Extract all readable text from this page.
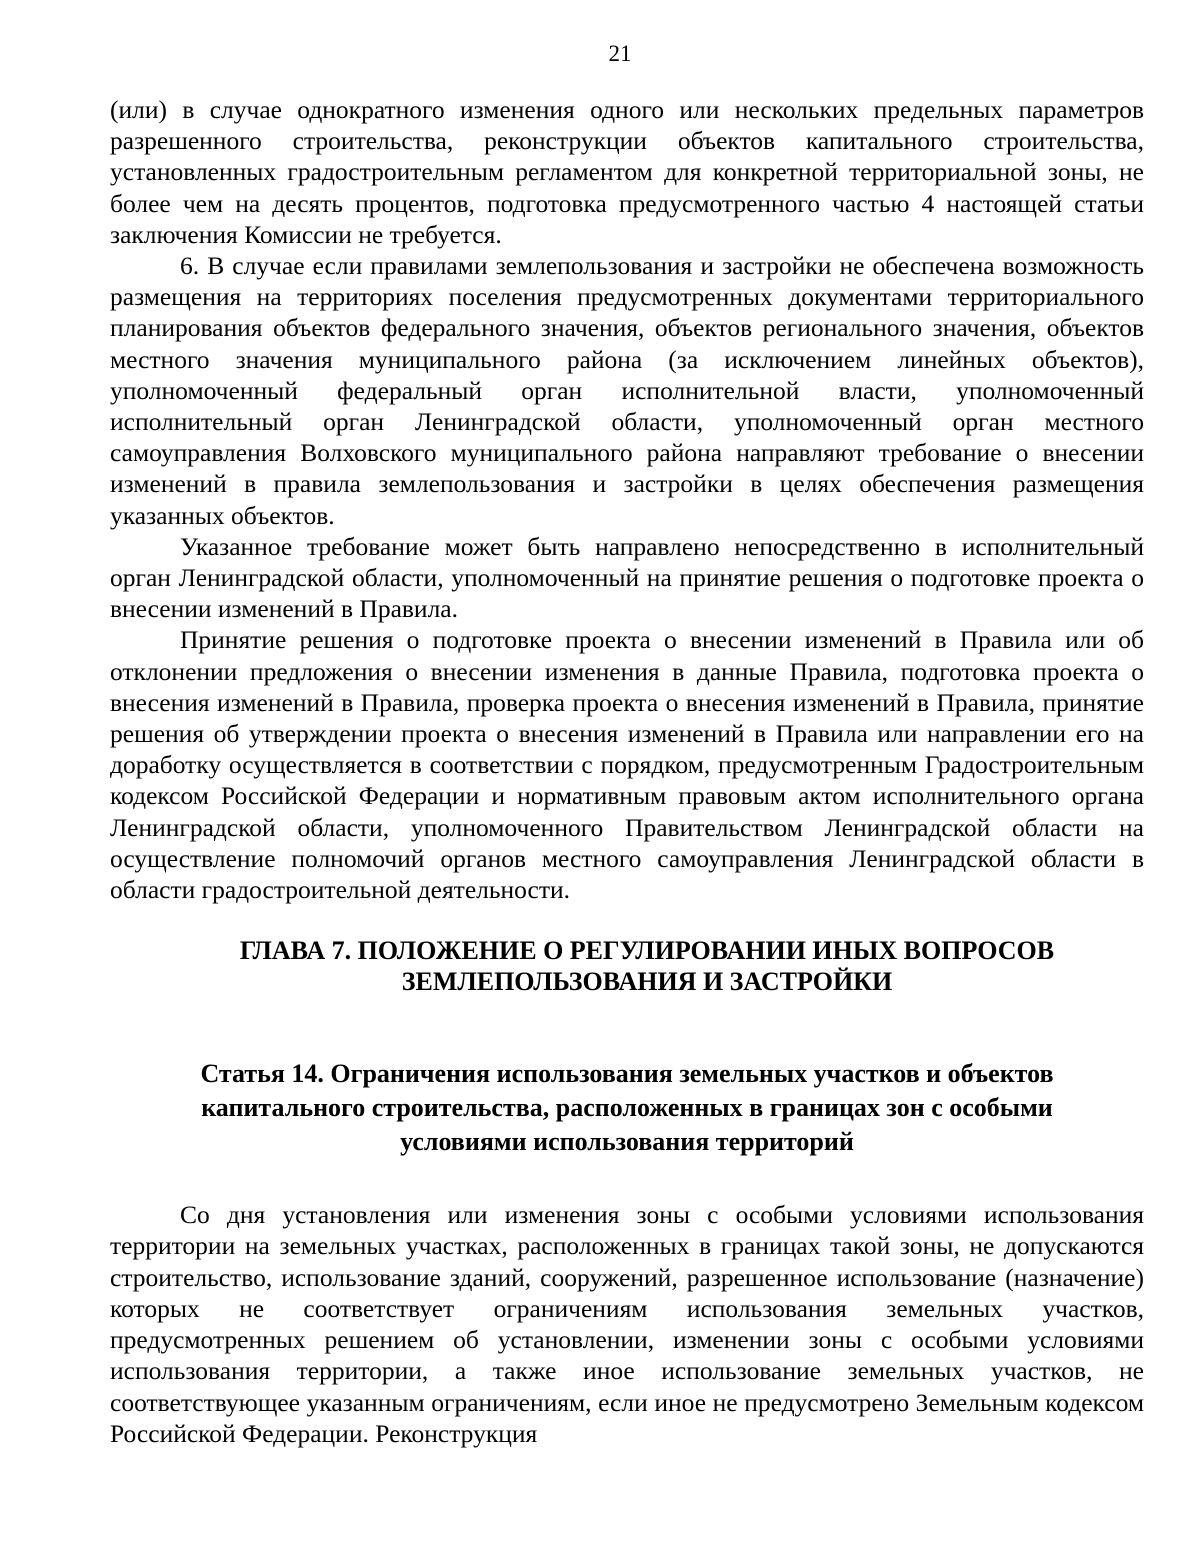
21

(или) в случае однократного изменения одного или нескольких предельных параметров разрешенного строительства, реконструкции объектов капитального строительства, установленных градостроительным регламентом для конкретной территориальной зоны, не более чем на десять процентов, подготовка предусмотренного частью 4 настоящей статьи заключения Комиссии не требуется.

6. В случае если правилами землепользования и застройки не обеспечена возможность размещения на территориях поселения предусмотренных документами территориального планирования объектов федерального значения, объектов регионального значения, объектов местного значения муниципального района (за исключением линейных объектов), уполномоченный федеральный орган исполнительной власти, уполномоченный исполнительный орган Ленинградской области, уполномоченный орган местного самоуправления Волховского муниципального района направляют требование о внесении изменений в правила землепользования и застройки в целях обеспечения размещения указанных объектов.

Указанное требование может быть направлено непосредственно в исполнительный орган Ленинградской области, уполномоченный на принятие решения о подготовке проекта о внесении изменений в Правила.

Принятие решения о подготовке проекта о внесении изменений в Правила или об отклонении предложения о внесении изменения в данные Правила, подготовка проекта о внесения изменений в Правила, проверка проекта о внесения изменений в Правила, принятие решения об утверждении проекта о внесения изменений в Правила или направлении его на доработку осуществляется в соответствии с порядком, предусмотренным Градостроительным кодексом Российской Федерации и нормативным правовым актом исполнительного органа Ленинградской области, уполномоченного Правительством Ленинградской области на осуществление полномочий органов местного самоуправления Ленинградской области в области градостроительной деятельности.

ГЛАВА 7. ПОЛОЖЕНИЕ О РЕГУЛИРОВАНИИ ИНЫХ ВОПРОСОВ
ЗЕМЛЕПОЛЬЗОВАНИЯ И ЗАСТРОЙКИ
Статья 14. Ограничения использования земельных участков и объектов
капитального строительства, расположенных в границах зон с особыми
условиями использования территорий

Со дня установления или изменения зоны с особыми условиями использования территории на земельных участках, расположенных в границах такой зоны, не допускаются строительство, использование зданий, сооружений, разрешенное использование (назначение) которых не соответствует ограничениям использования земельных участков, предусмотренных решением об установлении, изменении зоны с особыми условиями использования территории, а также иное использование земельных участков, не соответствующее указанным ограничениям, если иное не предусмотрено Земельным кодексом Российской Федерации. Реконструкция
